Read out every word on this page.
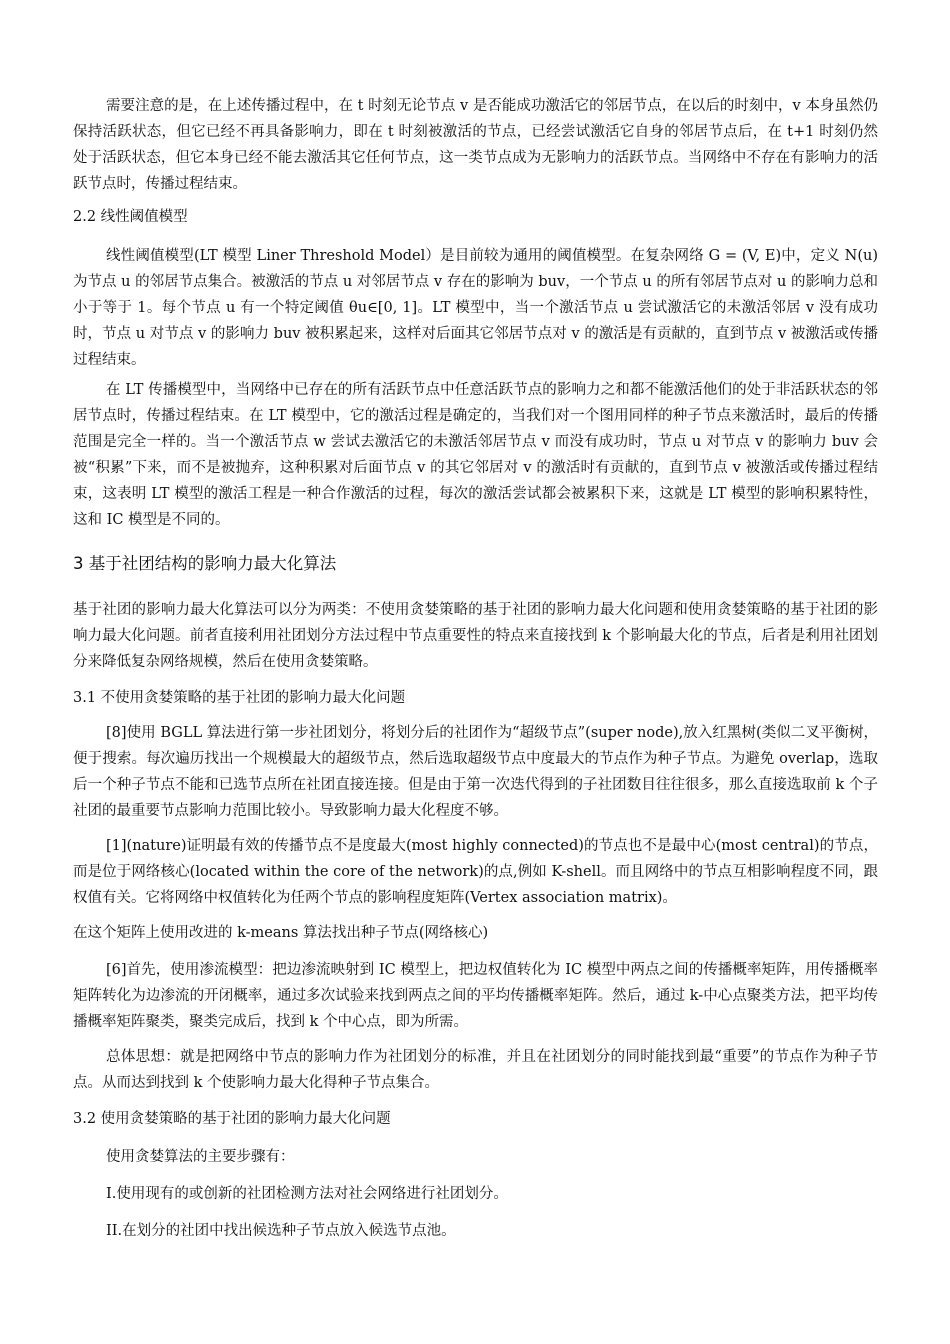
需要注意的是，在上述传播过程中，在 t 时刻无论节点 v 是否能成功激活它的邻居节点，在以后的时刻中，v 本身虽然仍保持活跃状态，但它已经不再具备影响力，即在 t 时刻被激活的节点，已经尝试激活它自身的邻居节点后，在 t+1 时刻仍然处于活跃状态，但它本身已经不能去激活其它任何节点，这一类节点成为无影响力的活跃节点。当网络中不存在有影响力的活跃节点时，传播过程结束。

2.2 线性阈值模型

线性阈值模型(LT 模型 Liner Threshold Model）是目前较为通用的阈值模型。在复杂网络 G = (V, E)中，定义 N(u)为节点 u 的邻居节点集合。被激活的节点 u 对邻居节点 v 存在的影响为 buv，一个节点 u 的所有邻居节点对 u 的影响力总和小于等于 1。每个节点 u 有一个特定阈值 θu∈[0, 1]。LT 模型中，当一个激活节点 u 尝试激活它的未激活邻居 v 没有成功时，节点 u 对节点 v 的影响力 buv 被积累起来，这样对后面其它邻居节点对 v 的激活是有贡献的，直到节点 v 被激活或传播过程结束。

在 LT 传播模型中，当网络中已存在的所有活跃节点中任意活跃节点的影响力之和都不能激活他们的处于非活跃状态的邻居节点时，传播过程结束。在 LT 模型中，它的激活过程是确定的，当我们对一个图用同样的种子节点来激活时，最后的传播范围是完全一样的。当一个激活节点 w 尝试去激活它的未激活邻居节点 v 而没有成功时，节点 u 对节点 v 的影响力 buv 会被“积累”下来，而不是被抛弃，这种积累对后面节点 v 的其它邻居对 v 的激活时有贡献的，直到节点 v 被激活或传播过程结束，这表明 LT 模型的激活工程是一种合作激活的过程，每次的激活尝试都会被累积下来，这就是 LT 模型的影响积累特性，这和 IC 模型是不同的。

3 基于社团结构的影响力最大化算法

基于社团的影响力最大化算法可以分为两类：不使用贪婪策略的基于社团的影响力最大化问题和使用贪婪策略的基于社团的影响力最大化问题。前者直接利用社团划分方法过程中节点重要性的特点来直接找到 k 个影响最大化的节点，后者是利用社团划分来降低复杂网络规模，然后在使用贪婪策略。

3.1 不使用贪婪策略的基于社团的影响力最大化问题

[8]使用 BGLL 算法进行第一步社团划分，将划分后的社团作为“超级节点”(super node),放入红黑树(类似二叉平衡树，便于搜索。每次遍历找出一个规模最大的超级节点，然后选取超级节点中度最大的节点作为种子节点。为避免 overlap，选取后一个种子节点不能和已选节点所在社团直接连接。但是由于第一次迭代得到的子社团数目往往很多，那么直接选取前 k 个子社团的最重要节点影响力范围比较小。导致影响力最大化程度不够。

[1](nature)证明最有效的传播节点不是度最大(most highly connected)的节点也不是最中心(most central)的节点，而是位于网络核心(located within the core of the network)的点,例如 K-shell。而且网络中的节点互相影响程度不同，跟权值有关。它将网络中权值转化为任两个节点的影响程度矩阵(Vertex association matrix)。

在这个矩阵上使用改进的 k-means 算法找出种子节点(网络核心)

[6]首先，使用渗流模型：把边渗流映射到 IC 模型上，把边权值转化为 IC 模型中两点之间的传播概率矩阵，用传播概率矩阵转化为边渗流的开闭概率，通过多次试验来找到两点之间的平均传播概率矩阵。然后，通过 k-中心点聚类方法，把平均传播概率矩阵聚类，聚类完成后，找到 k 个中心点，即为所需。

总体思想：就是把网络中节点的影响力作为社团划分的标准，并且在社团划分的同时能找到最“重要”的节点作为种子节点。从而达到找到 k 个使影响力最大化得种子节点集合。

3.2 使用贪婪策略的基于社团的影响力最大化问题

使用贪婪算法的主要步骤有：

I.使用现有的或创新的社团检测方法对社会网络进行社团划分。

II.在划分的社团中找出候选种子节点放入候选节点池。
